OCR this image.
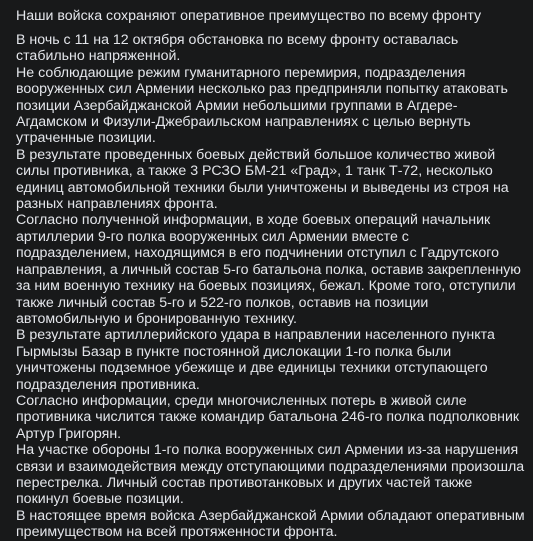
Наши войска сохраняют оперативное преимущество по всему фронту

В ночь с 11 на 12 октября обстановка по всему фронту оставалась стабильно напряженной.

Не соблюдающие режим гуманитарного перемирия, подразделения вооруженных сил Армении несколько раз предприняли попытку атаковать позиции Азербайджанской Армии небольшими группами в Агдере-Агдамском и Физули-Джебраильском направлениях с целью вернуть утраченные позиции.

В результате проведенных боевых действий большое количество живой силы противника, а также 3 РСЗО БМ-21 «Град», 1 танк Т-72, несколько единиц автомобильной техники были уничтожены и выведены из строя на разных направлениях фронта.

Согласно полученной информации, в ходе боевых операций начальник артиллерии 9-го полка вооруженных сил Армении вместе с подразделением, находящимся в его подчинении отступил с Гадрутского направления, а личный состав 5-го батальона полка, оставив закрепленную за ним военную технику на боевых позициях, бежал. Кроме того, отступили также личный состав 5-го и 522-го полков, оставив на позиции автомобильную и бронированную технику.

В результате артиллерийского удара в направлении населенного пункта Гырмызы Базар в пункте постоянной дислокации 1-го полка были уничтожены подземное убежище и две единицы техники отступающего подразделения противника.

Согласно информации, среди многочисленных потерь в живой силе противника числится также командир батальона 246-го полка подполковник Артур Григорян.

На участке обороны 1-го полка вооруженных сил Армении из-за нарушения связи и взаимодействия между отступающими подразделениями произошла перестрелка. Личный состав противотанковых и других частей также покинул боевые позиции.

В настоящее время войска Азербайджанской Армии обладают оперативным преимуществом на всей протяженности фронта.
